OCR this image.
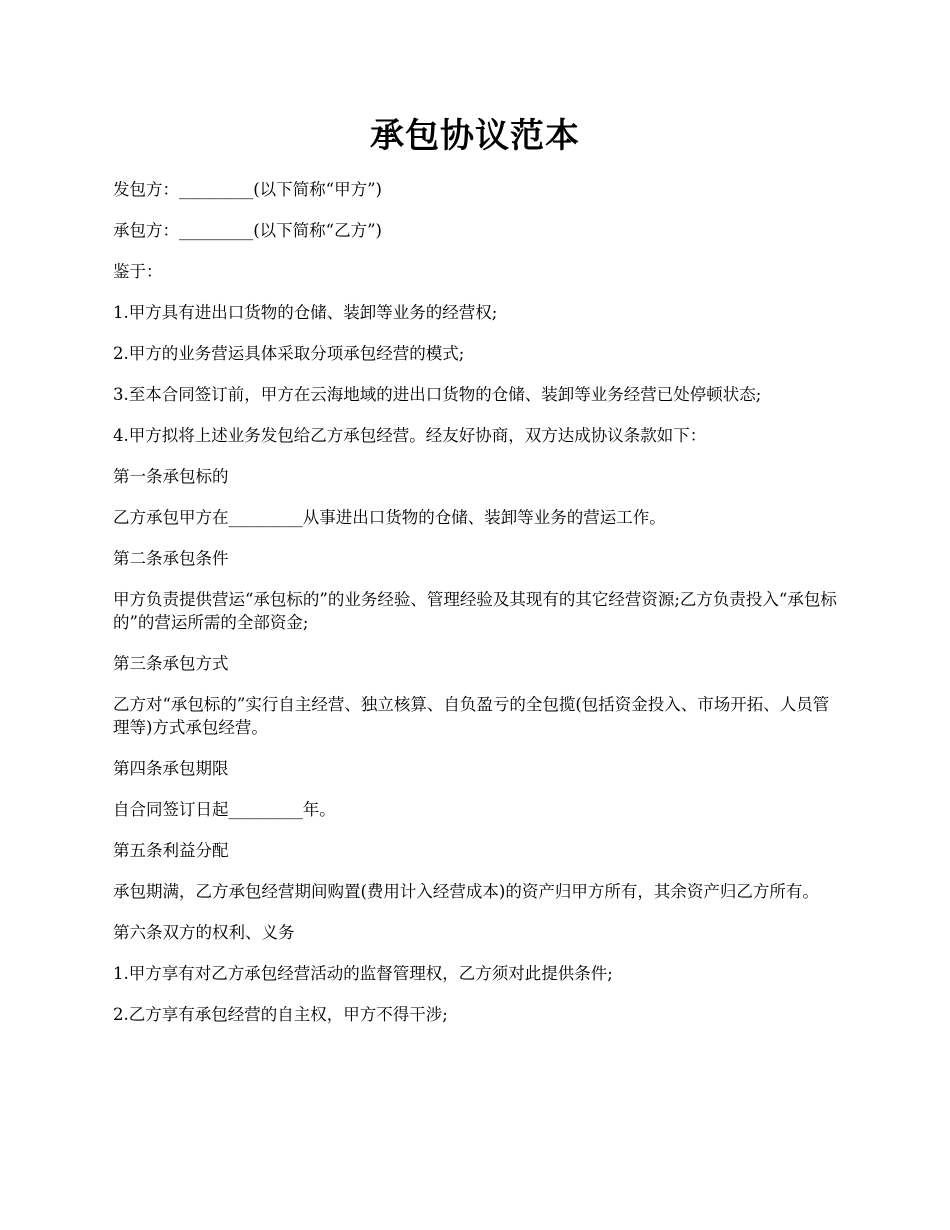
承包协议范本

发包方：_________(以下简称“甲方”)

承包方：_________(以下简称“乙方”)

鉴于：

1.甲方具有进出口货物的仓储、装卸等业务的经营权;

2.甲方的业务营运具体采取分项承包经营的模式;

3.至本合同签订前，甲方在云海地域的进出口货物的仓储、装卸等业务经营已处停顿状态;

4.甲方拟将上述业务发包给乙方承包经营。经友好协商，双方达成协议条款如下：

第一条承包标的

乙方承包甲方在_________从事进出口货物的仓储、装卸等业务的营运工作。

第二条承包条件

甲方负责提供营运“承包标的”的业务经验、管理经验及其现有的其它经营资源;乙方负责投入“承包标的”的营运所需的全部资金;

第三条承包方式

乙方对“承包标的”实行自主经营、独立核算、自负盈亏的全包揽(包括资金投入、市场开拓、人员管理等)方式承包经营。

第四条承包期限

自合同签订日起_________年。

第五条利益分配

承包期满，乙方承包经营期间购置(费用计入经营成本)的资产归甲方所有，其余资产归乙方所有。

第六条双方的权利、义务

1.甲方享有对乙方承包经营活动的监督管理权，乙方须对此提供条件;

2.乙方享有承包经营的自主权，甲方不得干涉;
